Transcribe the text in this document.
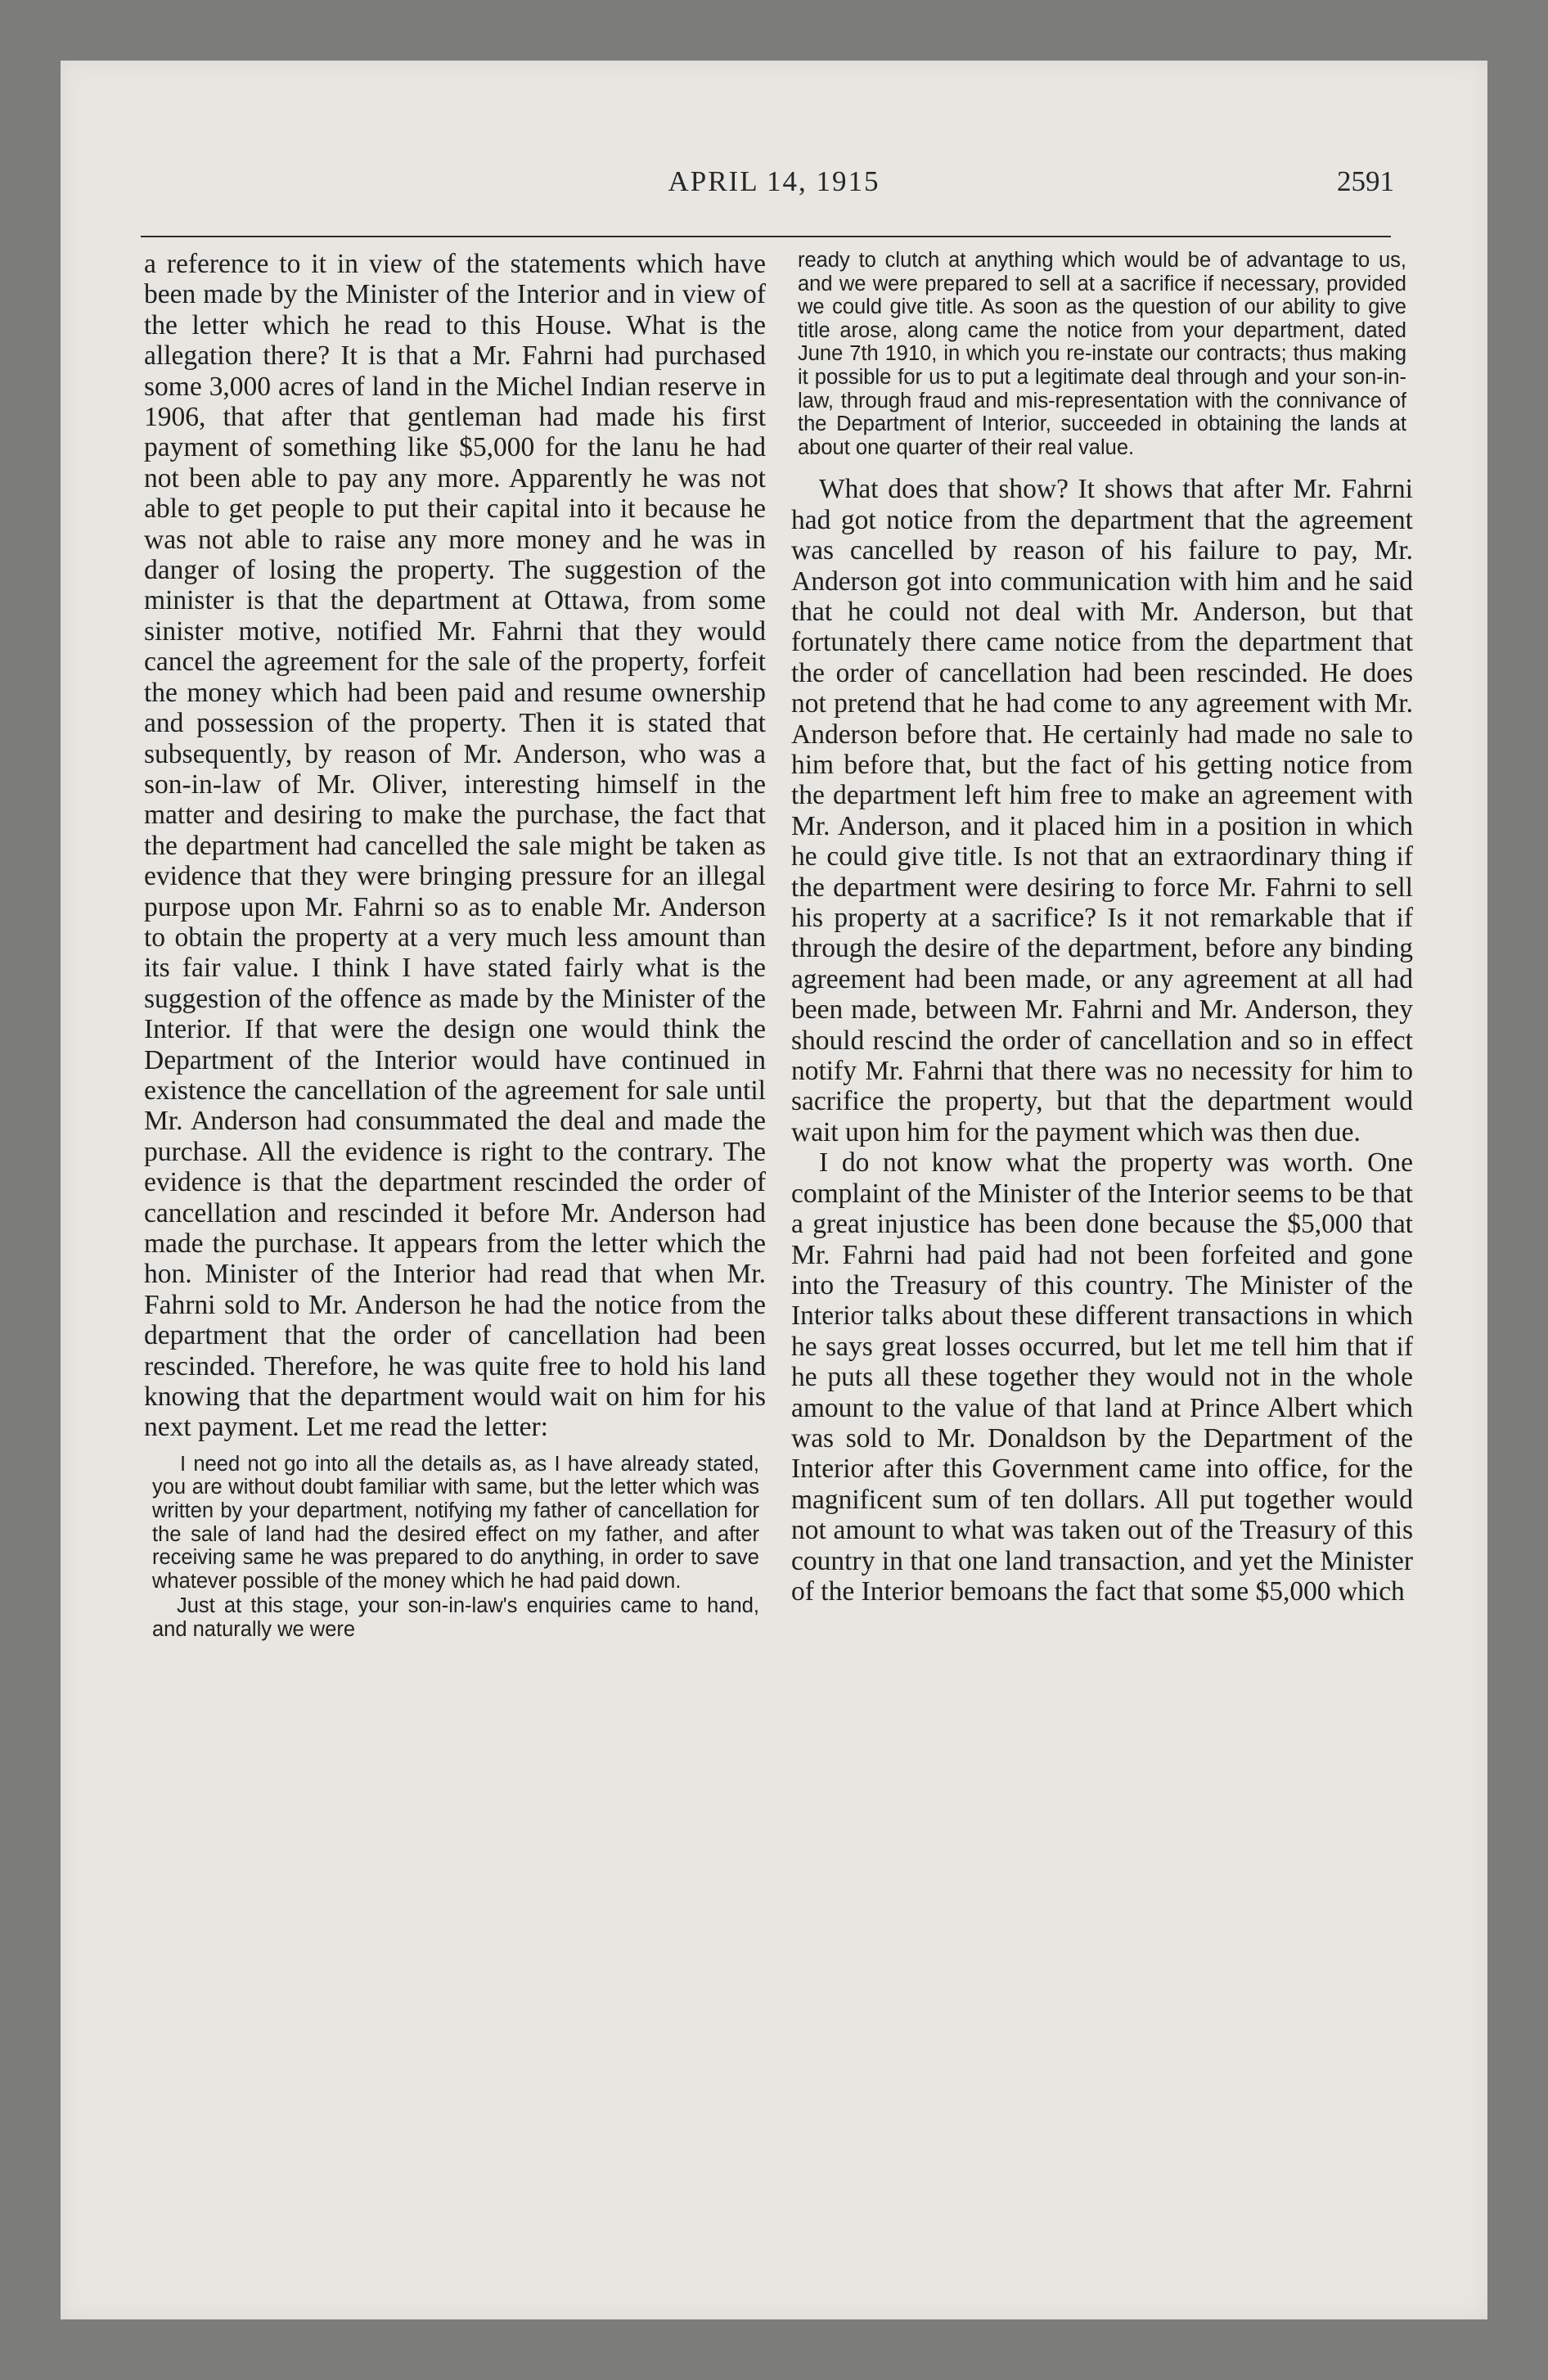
APRIL 14, 1915	2591

a reference to it in view of the statements which have been made by the Minister of the Interior and in view of the letter which he read to this House. What is the allegation there? It is that a Mr. Fahrni had purchased some 3,000 acres of land in the Michel Indian reserve in 1906, that after that gentleman had made his first payment of something like $5,000 for the lanu he had not been able to pay any more. Apparently he was not able to get people to put their capital into it because he was not able to raise any more money and he was in danger of losing the property. The suggestion of the minister is that the department at Ottawa, from some sinister motive, notified Mr. Fahrni that they would cancel the agreement for the sale of the property, forfeit the money which had been paid and resume ownership and possession of the property. Then it is stated that subsequently, by reason of Mr. Anderson, who was a son-in-law of Mr. Oliver, interesting himself in the matter and desiring to make the purchase, the fact that the department had cancelled the sale might be taken as evidence that they were bringing pressure for an illegal purpose upon Mr. Fahrni so as to enable Mr. Anderson to obtain the property at a very much less amount than its fair value. I think I have stated fairly what is the suggestion of the offence as made by the Minister of the Interior. If that were the design one would think the Department of the Interior would have continued in existence the cancellation of the agreement for sale until Mr. Anderson had consummated the deal and made the purchase. All the evidence is right to the contrary. The evidence is that the department rescinded the order of cancellation and rescinded it before Mr. Anderson had made the purchase. It appears from the letter which the hon. Minister of the Interior had read that when Mr. Fahrni sold to Mr. Anderson he had the notice from the department that the order of cancellation had been rescinded. Therefore, he was quite free to hold his land knowing that the department would wait on him for his next payment. Let me read the letter:

I need not go into all the details as, as I have already stated, you are without doubt familiar with same, but the letter which was written by your department, notifying my father of cancellation for the sale of land had the desired effect on my father, and after receiving same he was prepared to do anything, in order to save whatever possible of the money which he had paid down.

Just at this stage, your son-in-law's enquiries came to hand, and naturally we were

ready to clutch at anything which would be of advantage to us, and we were prepared to sell at a sacrifice if necessary, provided we could give title. As soon as the question of our ability to give title arose, along came the notice from your department, dated June 7th 1910, in which you re-instate our contracts; thus making it possible for us to put a legitimate deal through and your son-in-law, through fraud and mis-representation with the connivance of the Department of Interior, succeeded in obtaining the lands at about one quarter of their real value.

What does that show? It shows that after Mr. Fahrni had got notice from the department that the agreement was cancelled by reason of his failure to pay, Mr. Anderson got into communication with him and he said that he could not deal with Mr. Anderson, but that fortunately there came notice from the department that the order of cancellation had been rescinded. He does not pretend that he had come to any agreement with Mr. Anderson before that. He certainly had made no sale to him before that, but the fact of his getting notice from the department left him free to make an agreement with Mr. Anderson, and it placed him in a position in which he could give title. Is not that an extraordinary thing if the department were desiring to force Mr. Fahrni to sell his property at a sacrifice? Is it not remarkable that if through the desire of the department, before any binding agreement had been made, or any agreement at all had been made, between Mr. Fahrni and Mr. Anderson, they should rescind the order of cancellation and so in effect notify Mr. Fahrni that there was no necessity for him to sacrifice the property, but that the department would wait upon him for the payment which was then due.

I do not know what the property was worth. One complaint of the Minister of the Interior seems to be that a great injustice has been done because the $5,000 that Mr. Fahrni had paid had not been forfeited and gone into the Treasury of this country. The Minister of the Interior talks about these different transactions in which he says great losses occurred, but let me tell him that if he puts all these together they would not in the whole amount to the value of that land at Prince Albert which was sold to Mr. Donaldson by the Department of the Interior after this Government came into office, for the magnificent sum of ten dollars. All put together would not amount to what was taken out of the Treasury of this country in that one land transaction, and yet the Minister of the Interior bemoans the fact that some $5,000 which
